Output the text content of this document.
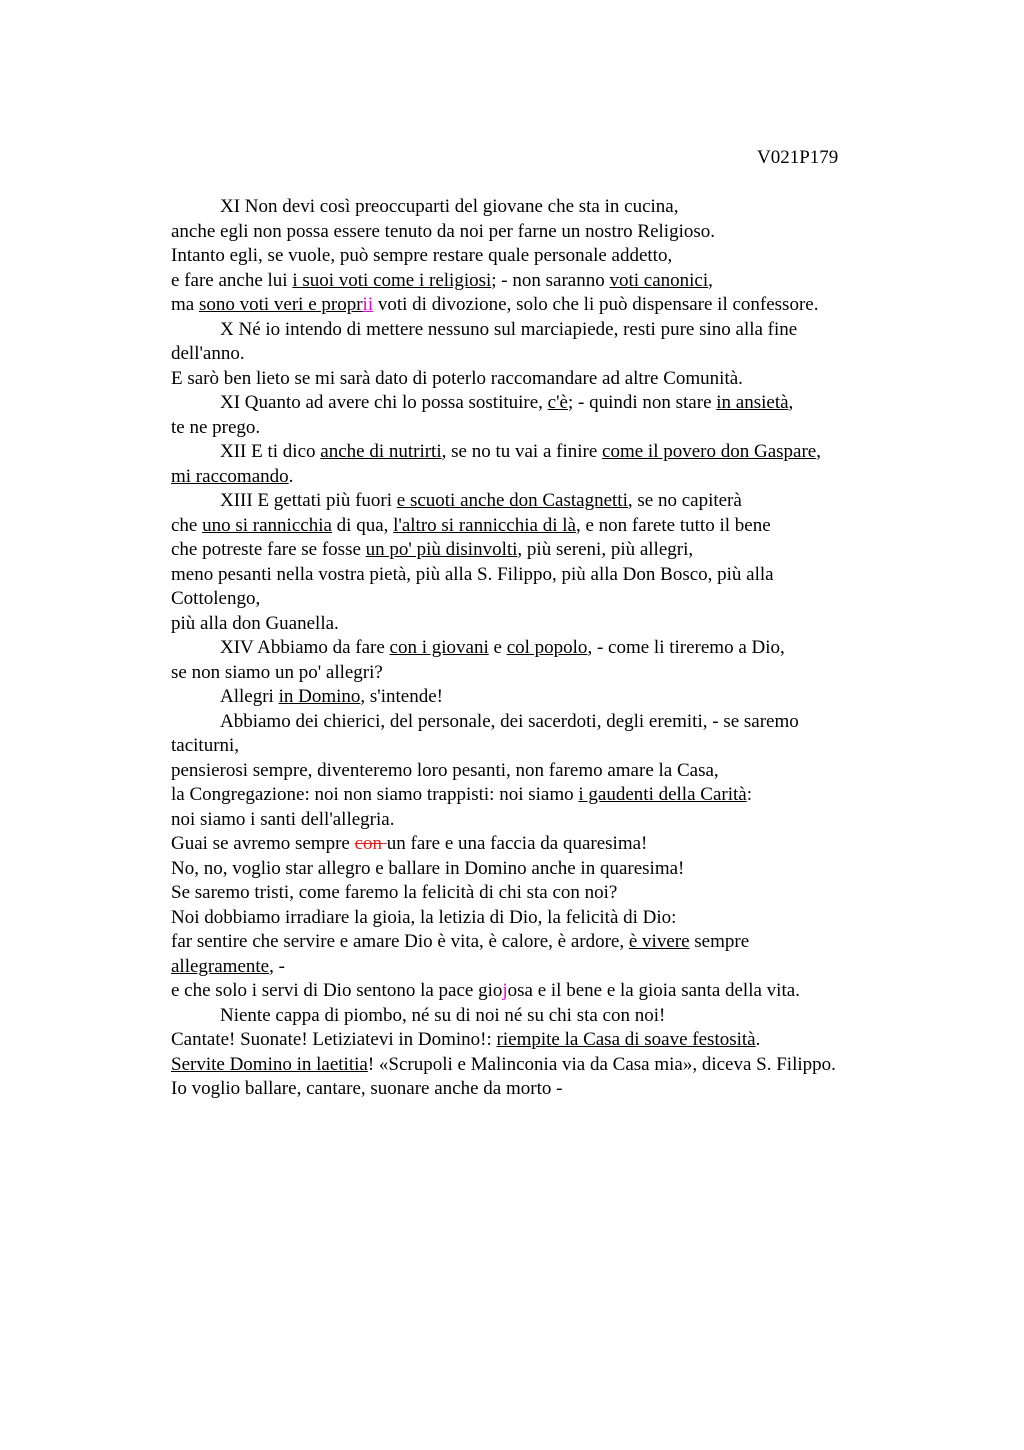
V021P179
XI Non devi così preoccuparti del giovane che sta in cucina,
anche egli non possa essere tenuto da noi per farne un nostro Religioso.
Intanto egli, se vuole, può sempre restare quale personale addetto,
e fare anche lui i suoi voti come i religiosi; - non saranno voti canonici,
ma sono voti veri e proprii voti di divozione, solo che li può dispensare il confessore.
X Né io intendo di mettere nessuno sul marciapiede, resti pure sino alla fine
dell'anno.
E sarò ben lieto se mi sarà dato di poterlo raccomandare ad altre Comunità.
XI Quanto ad avere chi lo possa sostituire, c'è; - quindi non stare in ansietà,
te ne prego.
XII E ti dico anche di nutrirti, se no tu vai a finire come il povero don Gaspare,
mi raccomando.
XIII E gettati più fuori e scuoti anche don Castagnetti, se no capiterà
che uno si rannicchia di qua, l'altro si rannicchia di là, e non farete tutto il bene
che potreste fare se fosse un po' più disinvolti, più sereni, più allegri,
meno pesanti nella vostra pietà, più alla S. Filippo, più alla Don Bosco, più alla
Cottolengo,
più alla don Guanella.
XIV Abbiamo da fare con i giovani e col popolo, - come li tireremo a Dio,
se non siamo un po' allegri?
Allegri in Domino, s'intende!
Abbiamo dei chierici, del personale, dei sacerdoti, degli eremiti, - se saremo
taciturni,
pensierosi sempre, diventeremo loro pesanti, non faremo amare la Casa,
la Congregazione: noi non siamo trappisti: noi siamo i gaudenti della Carità:
noi siamo i santi dell'allegria.
Guai se avremo sempre con un fare e una faccia da quaresima!
No, no, voglio star allegro e ballare in Domino anche in quaresima!
Se saremo tristi, come faremo la felicità di chi sta con noi?
Noi dobbiamo irradiare la gioia, la letizia di Dio, la felicità di Dio:
far sentire che servire e amare Dio è vita, è calore, è ardore, è vivere sempre
allegramente, -
e che solo i servi di Dio sentono la pace giojosa e il bene e la gioia santa della vita.
Niente cappa di piombo, né su di noi né su chi sta con noi!
Cantate! Suonate! Letiziatevi in Domino!: riempite la Casa di soave festosità.
Servite Domino in laetitia! «Scrupoli e Malinconia via da Casa mia», diceva S. Filippo.
Io voglio ballare, cantare, suonare anche da morto -
